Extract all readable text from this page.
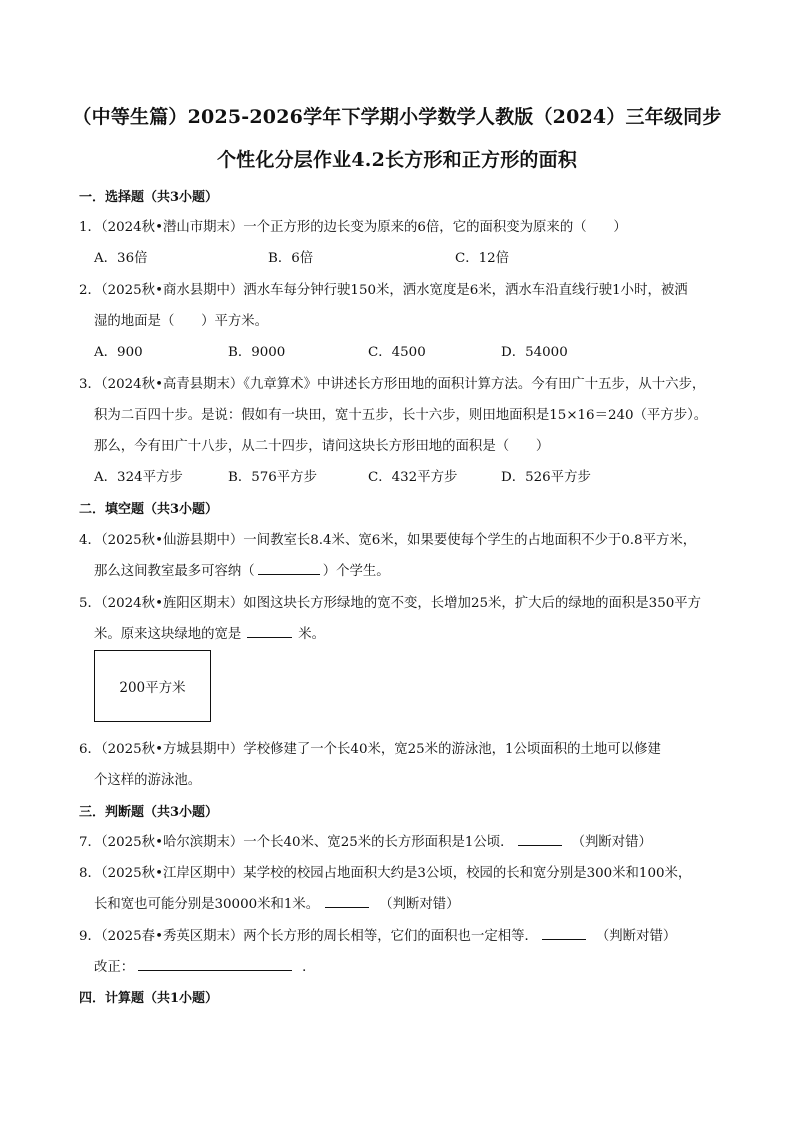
（中等生篇）2025-2026学年下学期小学数学人教版（2024）三年级同步
个性化分层作业4.2长方形和正方形的面积
一．选择题（共3小题）
1．（2024秋•潜山市期末）一个正方形的边长变为原来的6倍，它的面积变为原来的（　　）
A．36倍	B．6倍	C．12倍
2．（2025秋•商水县期中）洒水车每分钟行驶150米，洒水宽度是6米，洒水车沿直线行驶1小时，被洒
湿的地面是（　　）平方米。
A．900	B．9000	C．4500	D．54000
3．（2024秋•高青县期末）《九章算术》中讲述长方形田地的面积计算方法。今有田广十五步，从十六步，
积为二百四十步。是说：假如有一块田，宽十五步，长十六步，则田地面积是15×16＝240（平方步）。
那么，今有田广十八步，从二十四步，请问这块长方形田地的面积是（　　）
A．324平方步	B．576平方步	C．432平方步	D．526平方步
二．填空题（共3小题）
4．（2025秋•仙游县期中）一间教室长8.4米、宽6米，如果要使每个学生的占地面积不少于0.8平方米，
那么这间教室最多可容纳（	）个学生。
5．（2024秋•旌阳区期末）如图这块长方形绿地的宽不变，长增加25米，扩大后的绿地的面积是350平方
米。原来这块绿地的宽是	米。
200平方米
6．（2025秋•方城县期中）学校修建了一个长40米，宽25米的游泳池，1公顷面积的土地可以修建
个这样的游泳池。
三．判断题（共3小题）
7．（2025秋•哈尔滨期末）一个长40米、宽25米的长方形面积是1公顷．	（判断对错）
8．（2025秋•江岸区期中）某学校的校园占地面积大约是3公顷，校园的长和宽分别是300米和100米，
长和宽也可能分别是30000米和1米。	（判断对错）
9．（2025春•秀英区期末）两个长方形的周长相等，它们的面积也一定相等．	（判断对错）
改正：	．
四．计算题（共1小题）
